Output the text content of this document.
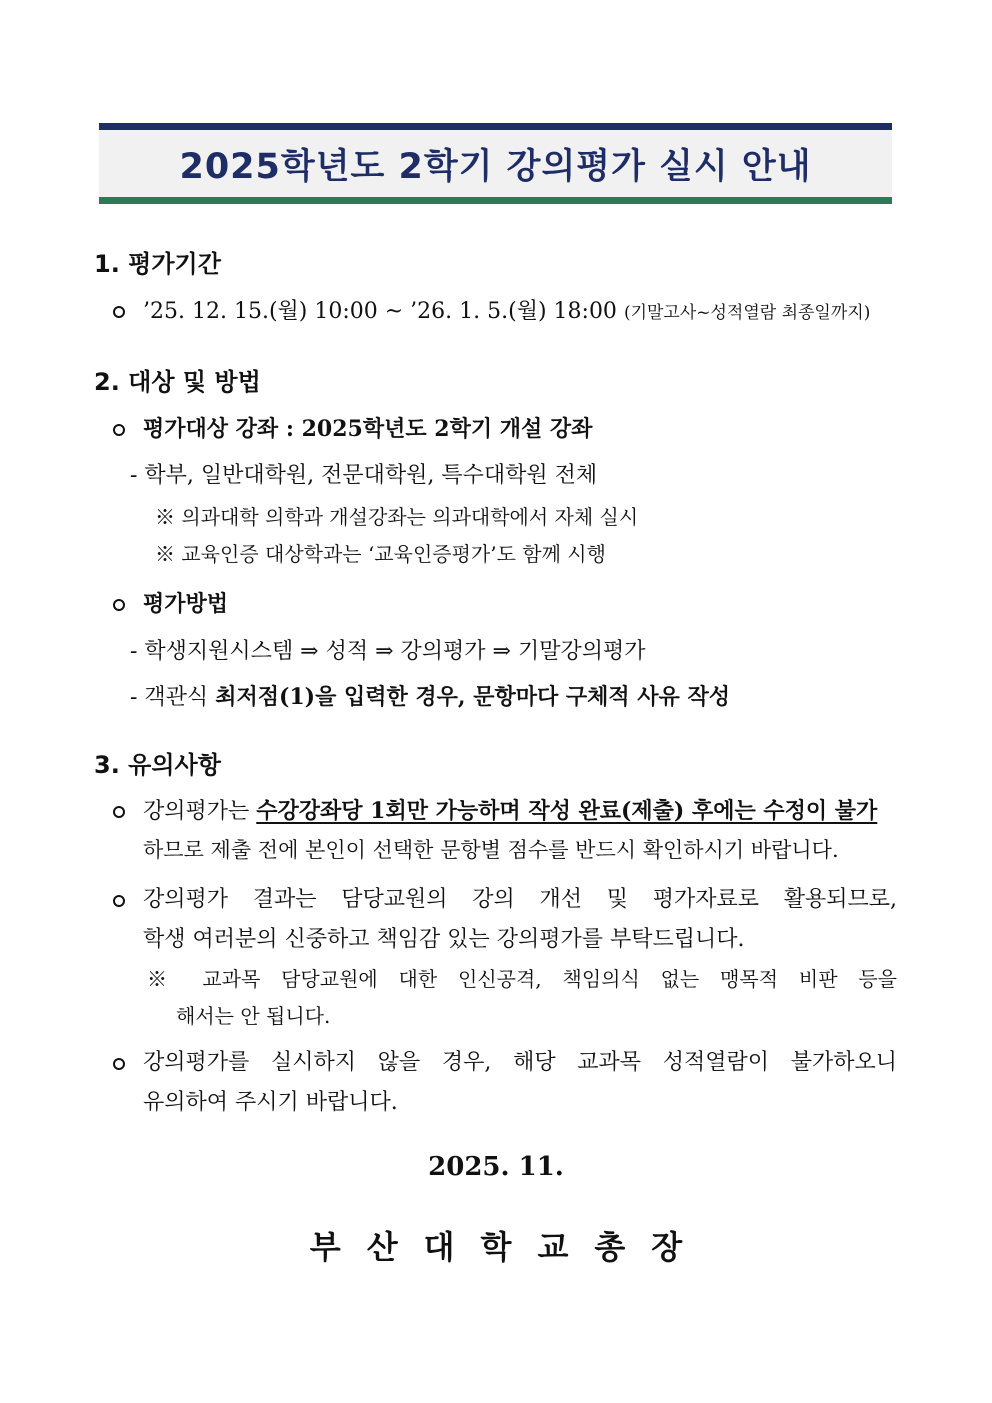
2025학년도 2학기 강의평가 실시 안내
1. 평가기간
’25. 12. 15.(월) 10:00 ~ ’26. 1. 5.(월) 18:00 (기말고사~성적열람 최종일까지)
2. 대상 및 방법
평가대상 강좌 : 2025학년도 2학기 개설 강좌
- 학부, 일반대학원, 전문대학원, 특수대학원 전체
※ 의과대학 의학과 개설강좌는 의과대학에서 자체 실시
※ 교육인증 대상학과는 ‘교육인증평가’도 함께 시행
평가방법
- 학생지원시스템 ⇒ 성적 ⇒ 강의평가 ⇒ 기말강의평가
- 객관식 최저점(1)을 입력한 경우, 문항마다 구체적 사유 작성
3. 유의사항
강의평가는 수강강좌당 1회만 가능하며 작성 완료(제출) 후에는 수정이 불가
하므로 제출 전에 본인이 선택한 문항별 점수를 반드시 확인하시기 바랍니다.
강의평가 결과는 담당교원의 강의 개선 및 평가자료로 활용되므로,
학생 여러분의 신중하고 책임감 있는 강의평가를 부탁드립니다.
※ 교과목 담당교원에 대한 인신공격, 책임의식 없는 맹목적 비판 등을
해서는 안 됩니다.
강의평가를 실시하지 않을 경우, 해당 교과목 성적열람이 불가하오니
유의하여 주시기 바랍니다.
2025. 11.
부산대학교총장
